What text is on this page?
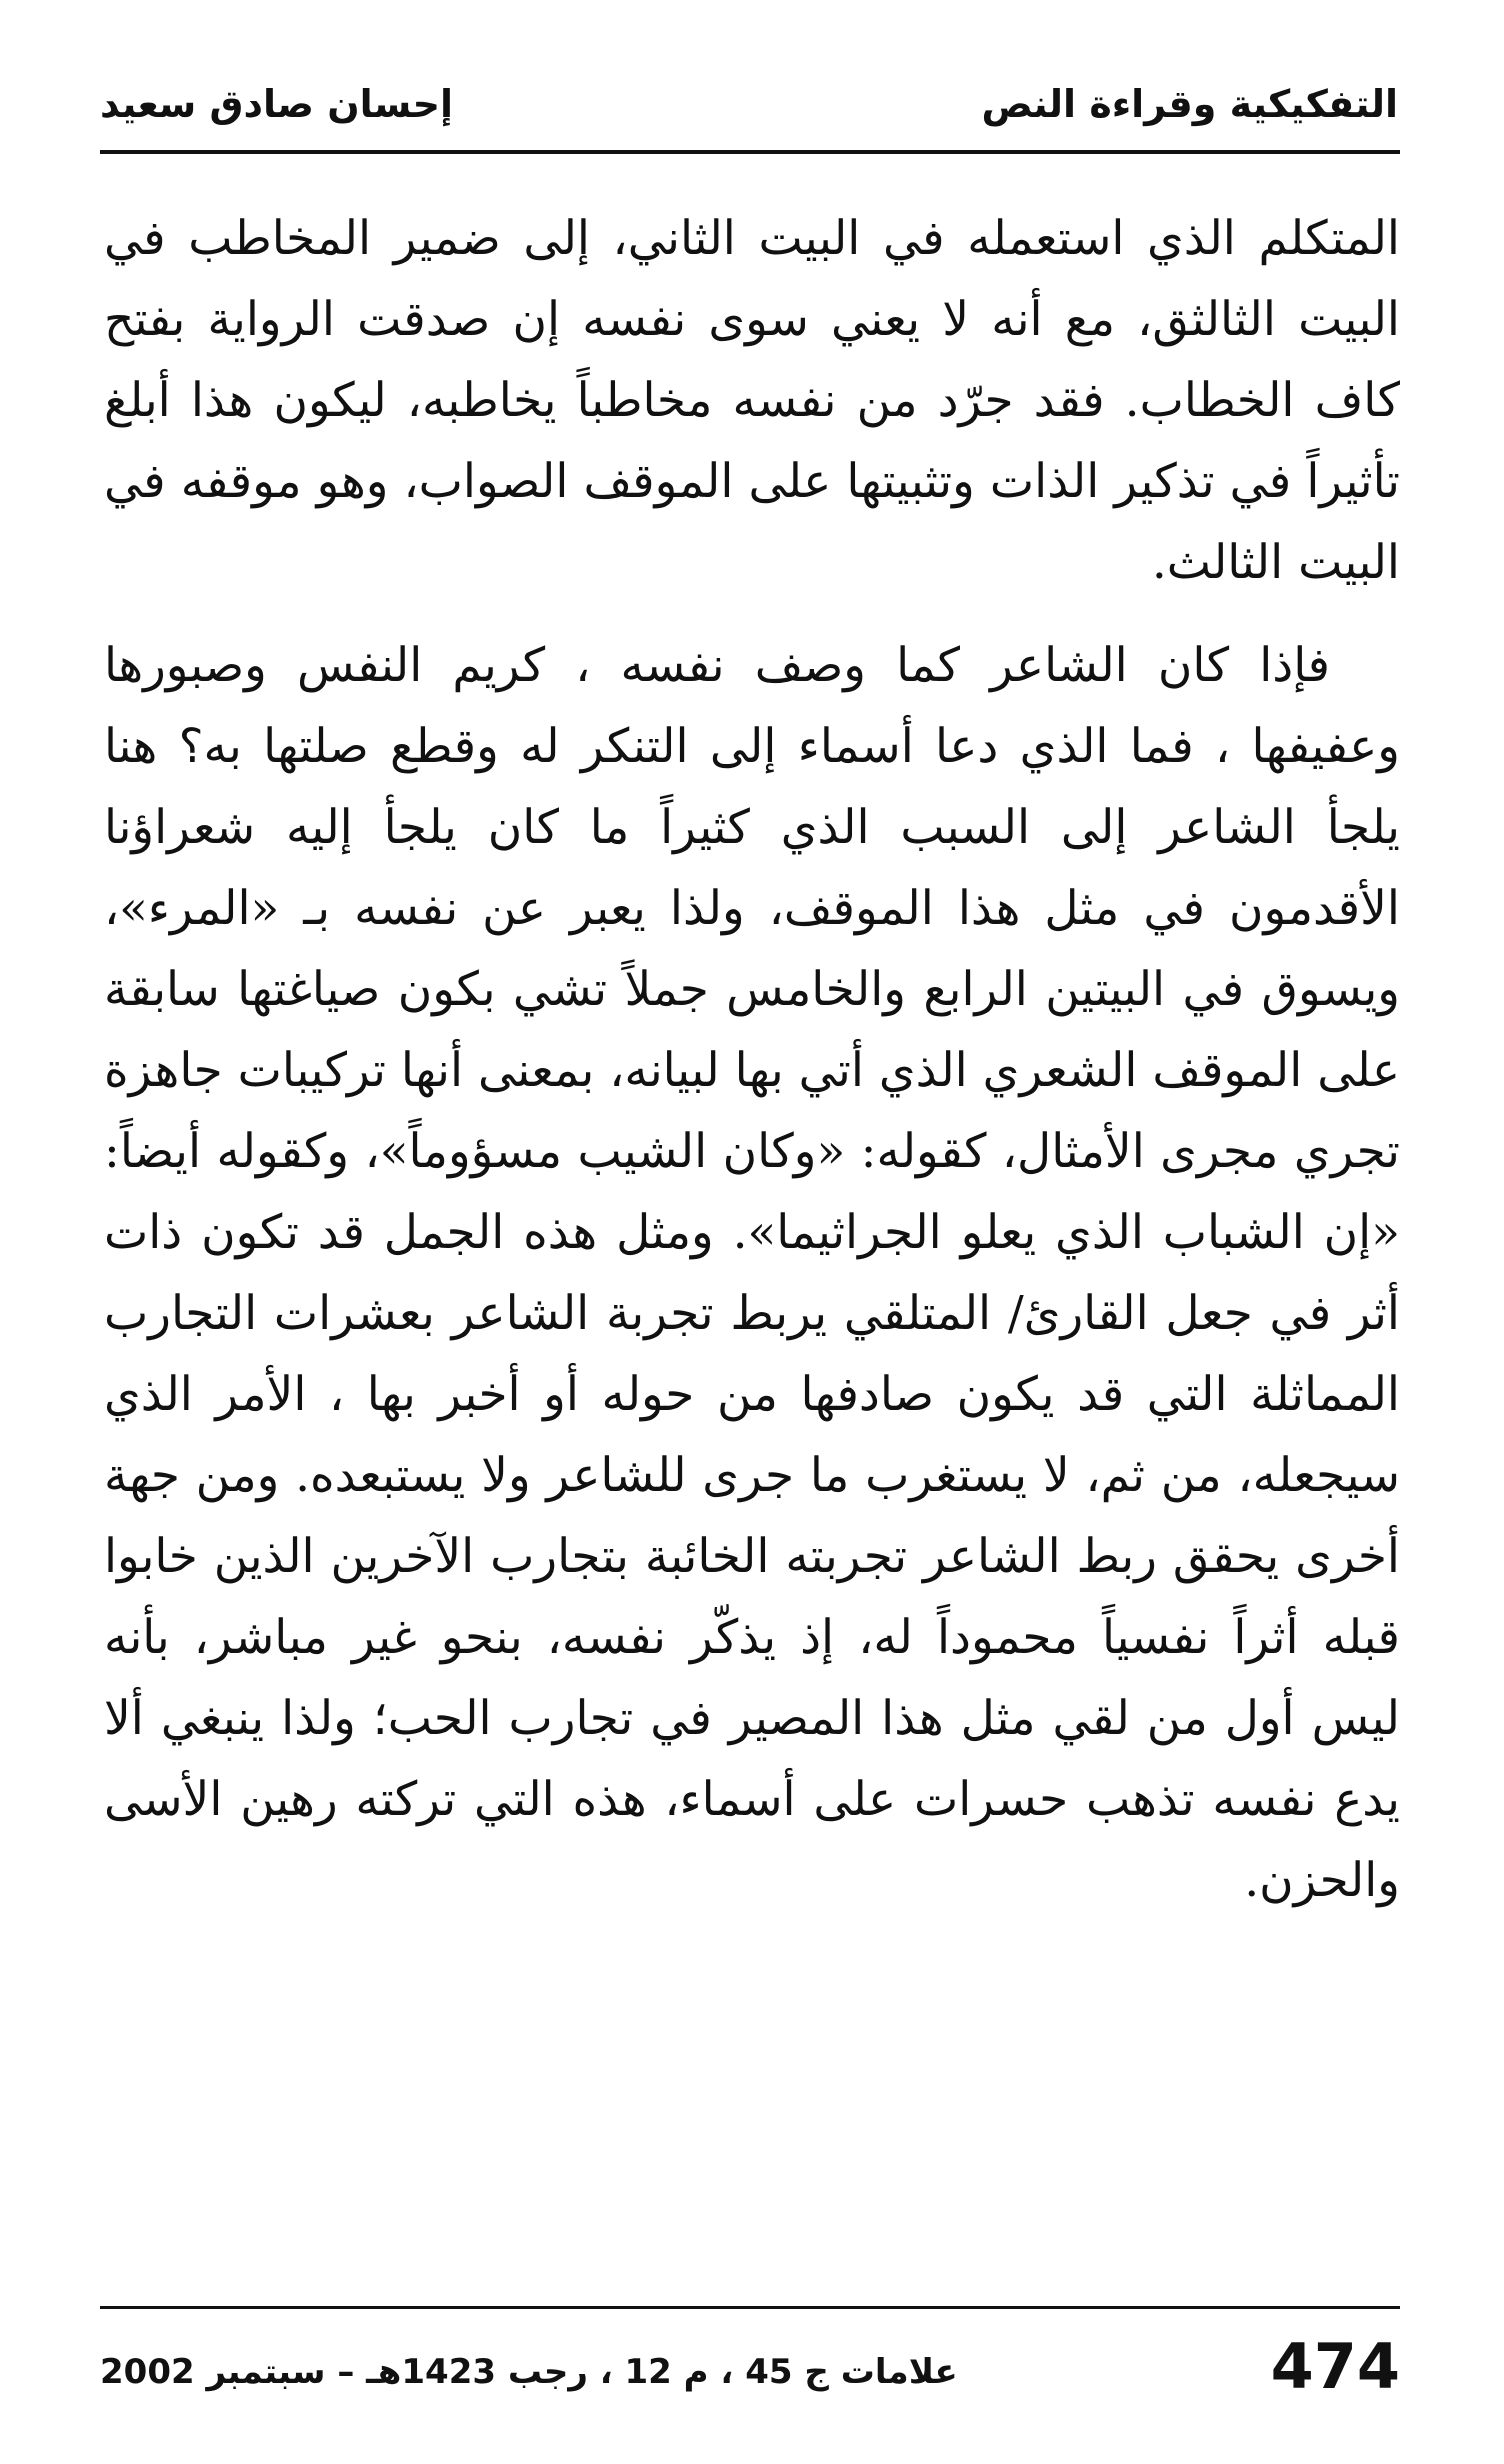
التفكيكية وقراءة النص
إحسان صادق سعيد

المتكلم الذي استعمله في البيت الثاني، إلى ضمير المخاطب في البيت الثالثق، مع أنه لا يعني سوى نفسه إن صدقت الرواية بفتح كاف الخطاب. فقد جرّد من نفسه مخاطباً يخاطبه، ليكون هذا أبلغ تأثيراً في تذكير الذات وتثبيتها على الموقف الصواب، وهو موقفه في البيت الثالث.

فإذا كان الشاعر كما وصف نفسه ، كريم النفس وصبورها وعفيفها ، فما الذي دعا أسماء إلى التنكر له وقطع صلتها به؟ هنا يلجأ الشاعر إلى السبب الذي كثيراً ما كان يلجأ إليه شعراؤنا الأقدمون في مثل هذا الموقف، ولذا يعبر عن نفسه بـ «المرء»، ويسوق في البيتين الرابع والخامس جملاً تشي بكون صياغتها سابقة على الموقف الشعري الذي أتي بها لبيانه، بمعنى أنها تركيبات جاهزة تجري مجرى الأمثال، كقوله: «وكان الشيب مسؤوماً»، وكقوله أيضاً: «إن الشباب الذي يعلو الجراثيما». ومثل هذه الجمل قد تكون ذات أثر في جعل القارئ/ المتلقي يربط تجربة الشاعر بعشرات التجارب المماثلة التي قد يكون صادفها من حوله أو أخبر بها ، الأمر الذي سيجعله، من ثم، لا يستغرب ما جرى للشاعر ولا يستبعده. ومن جهة أخرى يحقق ربط الشاعر تجربته الخائبة بتجارب الآخرين الذين خابوا قبله أثراً نفسياً محموداً له، إذ يذكّر نفسه، بنحو غير مباشر، بأنه ليس أول من لقي مثل هذا المصير في تجارب الحب؛ ولذا ينبغي ألا يدع نفسه تذهب حسرات على أسماء، هذه التي تركته رهين الأسى والحزن.

474
علامات ج 45 ، م 12 ، رجب 1423هـ – سبتمبر 2002
